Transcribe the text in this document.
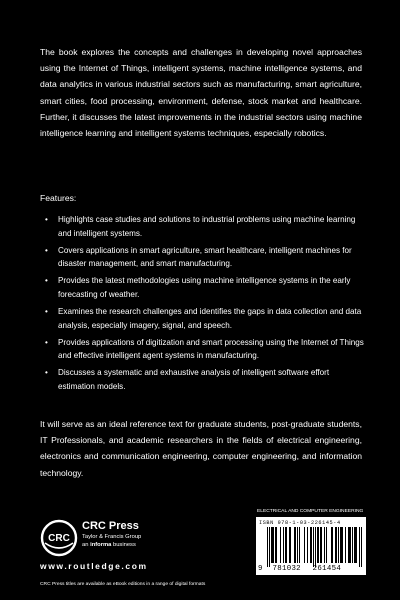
The book explores the concepts and challenges in developing novel approaches using the Internet of Things, intelligent systems, machine intelligence systems, and data analytics in various industrial sectors such as manufacturing, smart agriculture, smart cities, food processing, environment, defense, stock market and healthcare. Further, it discusses the latest improvements in the industrial sectors using machine intelligence learning and intelligent systems techniques, especially robotics.

Features:

• Highlights case studies and solutions to industrial problems using machine learning and intelligent systems.
• Covers applications in smart agriculture, smart healthcare, intelligent machines for disaster management, and smart manufacturing.
• Provides the latest methodologies using machine intelligence systems in the early forecasting of weather.
• Examines the research challenges and identifies the gaps in data collection and data analysis, especially imagery, signal, and speech.
• Provides applications of digitization and smart processing using the Internet of Things and effective intelligent agent systems in manufacturing.
• Discusses a systematic and exhaustive analysis of intelligent software effort estimation models.

It will serve as an ideal reference text for graduate students, post-graduate students, IT Professionals, and academic researchers in the fields of electrical engineering, electronics and communication engineering, computer engineering, and information technology.

CRC
CRC Press
Taylor & Francis Group
an informa business
www.routledge.com
CRC Press titles are available as eBook editions in a range of digital formats
ELECTRICAL AND COMPUTER ENGINEERING
ISBN 978-1-03-226145-4
9 781032 261454
